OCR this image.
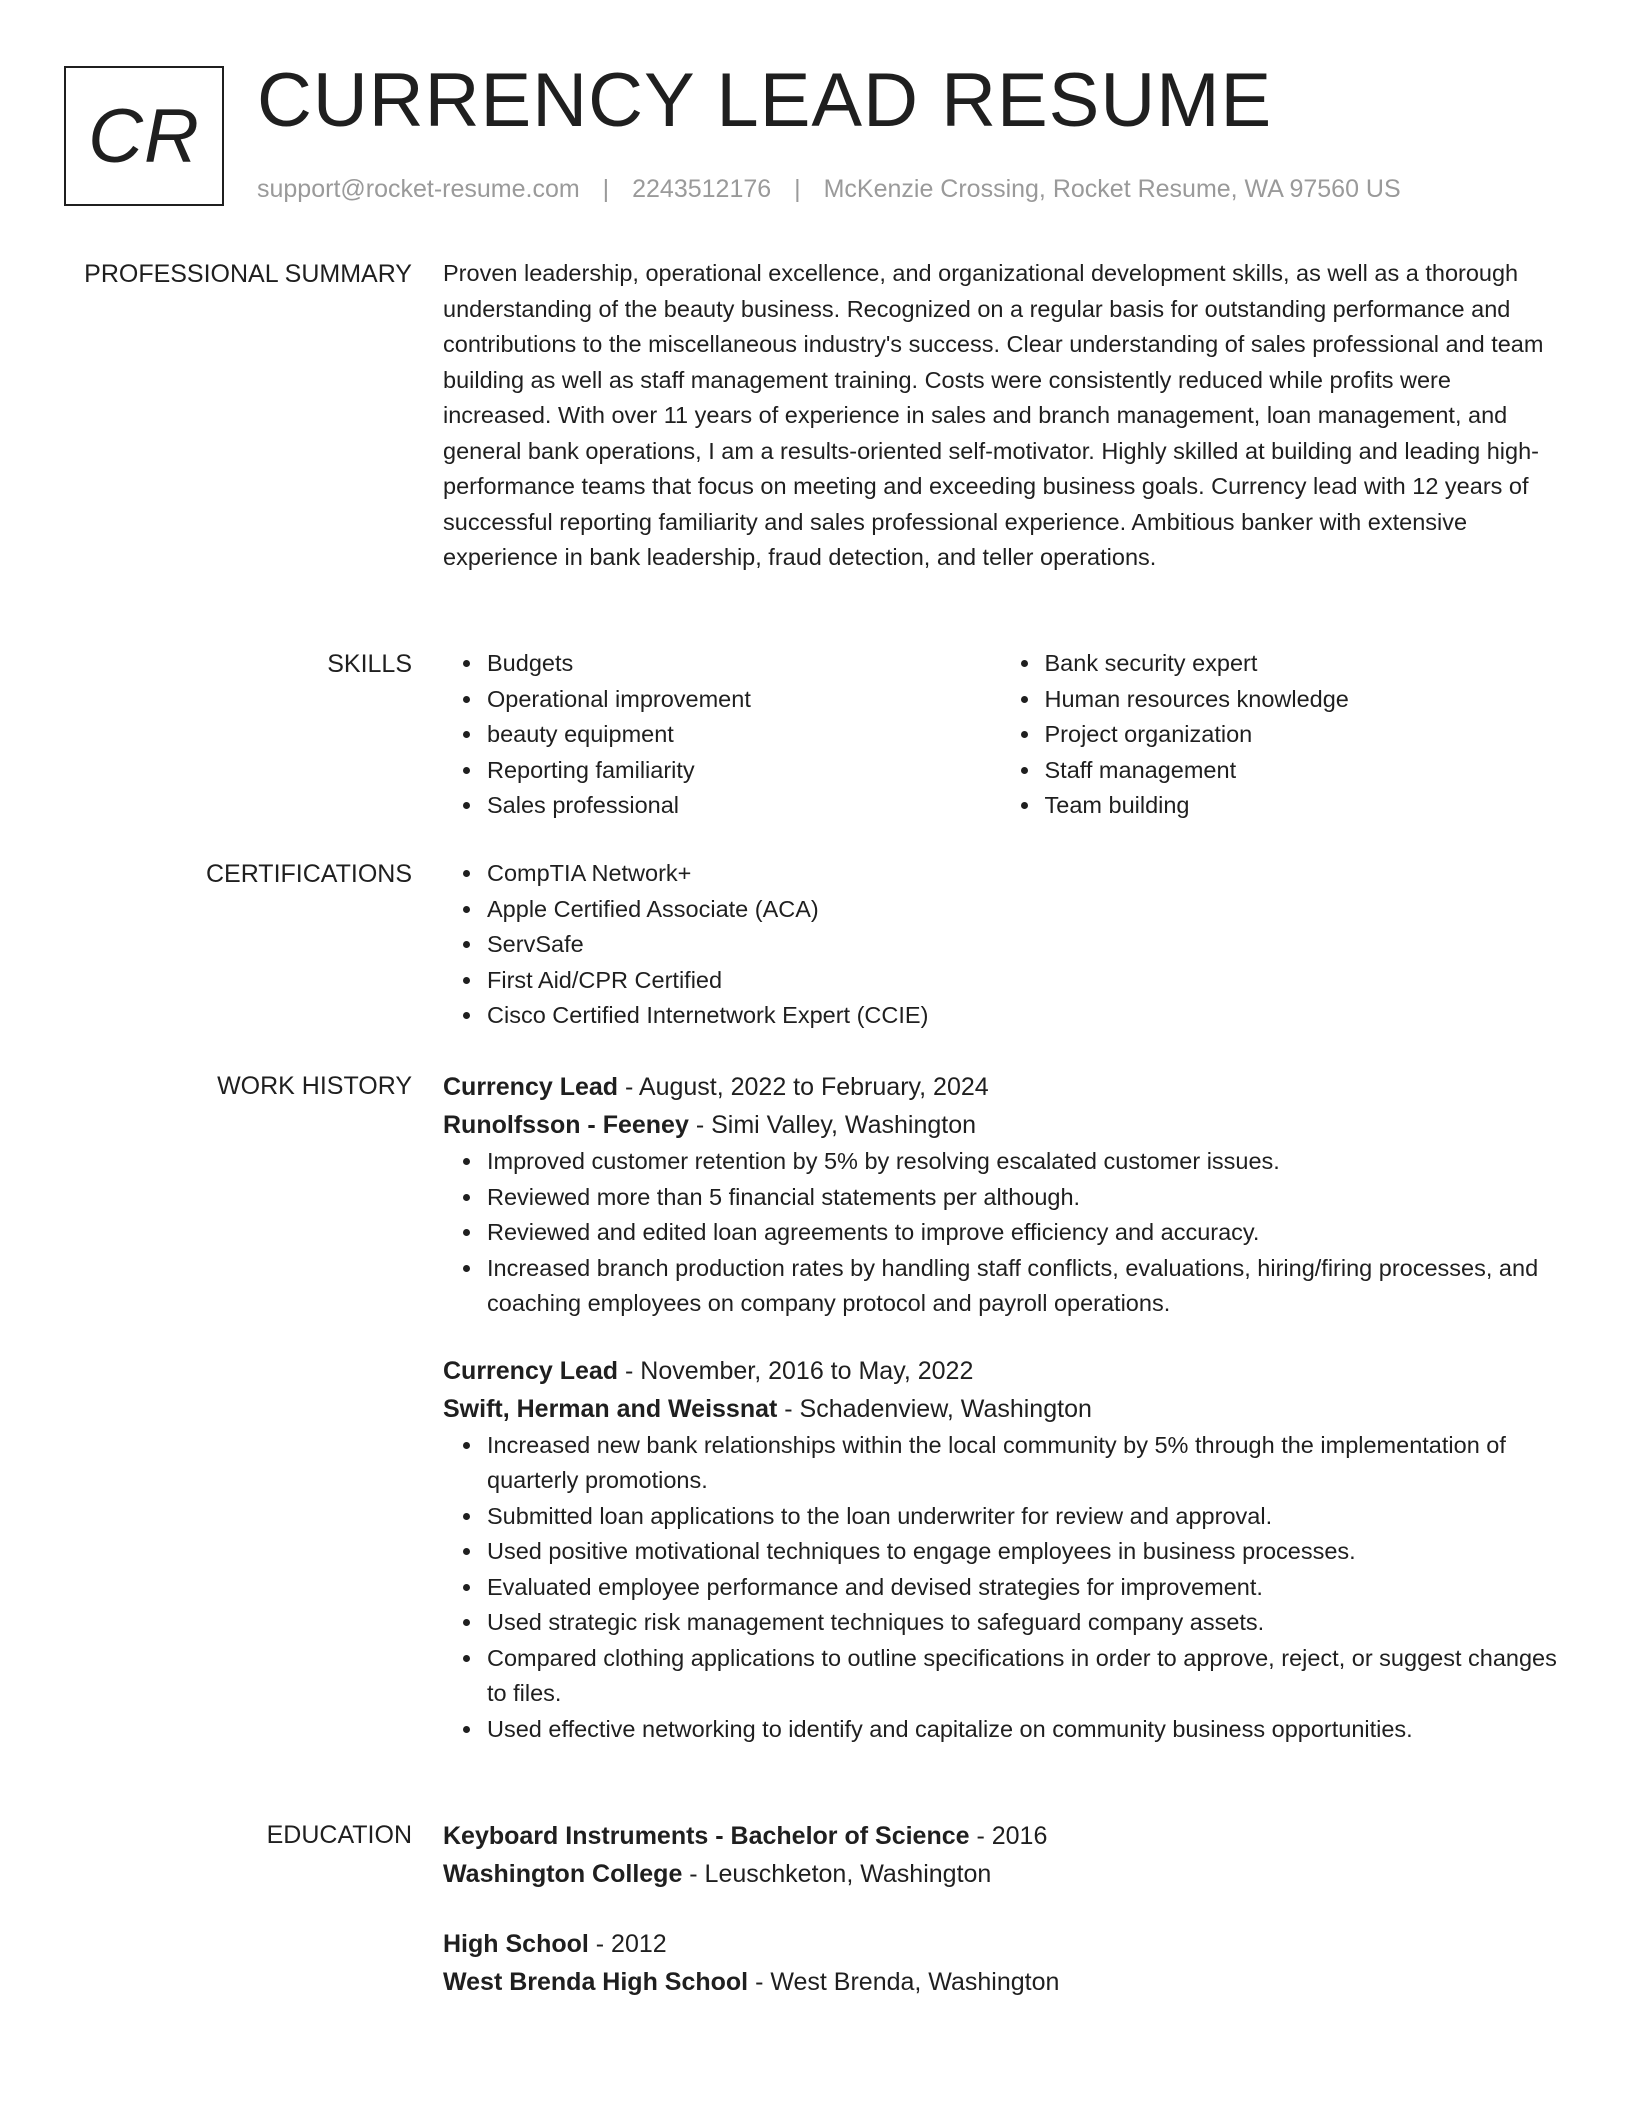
CR CURRENCY LEAD RESUME
support@rocket-resume.com | 2243512176 | McKenzie Crossing, Rocket Resume, WA 97560 US
PROFESSIONAL SUMMARY Proven leadership, operational excellence, and organizational development skills, as well as a thorough understanding of the beauty business. Recognized on a regular basis for outstanding performance and contributions to the miscellaneous industry's success. Clear understanding of sales professional and team building as well as staff management training. Costs were consistently reduced while profits were increased. With over 11 years of experience in sales and branch management, loan management, and general bank operations, I am a results-oriented self-motivator. Highly skilled at building and leading high-performance teams that focus on meeting and exceeding business goals. Currency lead with 12 years of successful reporting familiarity and sales professional experience. Ambitious banker with extensive experience in bank leadership, fraud detection, and teller operations.

SKILLS	Budgets
Operational improvement
beauty equipment
Reporting familiarity
Sales professional
Bank security expert
Human resources knowledge
Project organization
Staff management
Team building
CERTIFICATIONS	CompTIA Network+
Apple Certified Associate (ACA)
ServSafe
First Aid/CPR Certified
Cisco Certified Internetwork Expert (CCIE)
WORK HISTORY Currency Lead - August, 2022 to February, 2024
Runolfsson - Feeney - Simi Valley, Washington
Improved customer retention by 5% by resolving escalated customer issues.
Reviewed more than 5 financial statements per although.
Reviewed and edited loan agreements to improve efficiency and accuracy.
Increased branch production rates by handling staff conflicts, evaluations, hiring/firing processes, and coaching employees on company protocol and payroll operations.
Currency Lead - November, 2016 to May, 2022
Swift, Herman and Weissnat - Schadenview, Washington
Increased new bank relationships within the local community by 5% through the implementation of quarterly promotions.
Submitted loan applications to the loan underwriter for review and approval.
Used positive motivational techniques to engage employees in business processes.
Evaluated employee performance and devised strategies for improvement.
Used strategic risk management techniques to safeguard company assets.
Compared clothing applications to outline specifications in order to approve, reject, or suggest changes to files.
Used effective networking to identify and capitalize on community business opportunities.
EDUCATION Keyboard Instruments - Bachelor of Science - 2016
Washington College - Leuschketon, Washington
High School - 2012
West Brenda High School - West Brenda, Washington
